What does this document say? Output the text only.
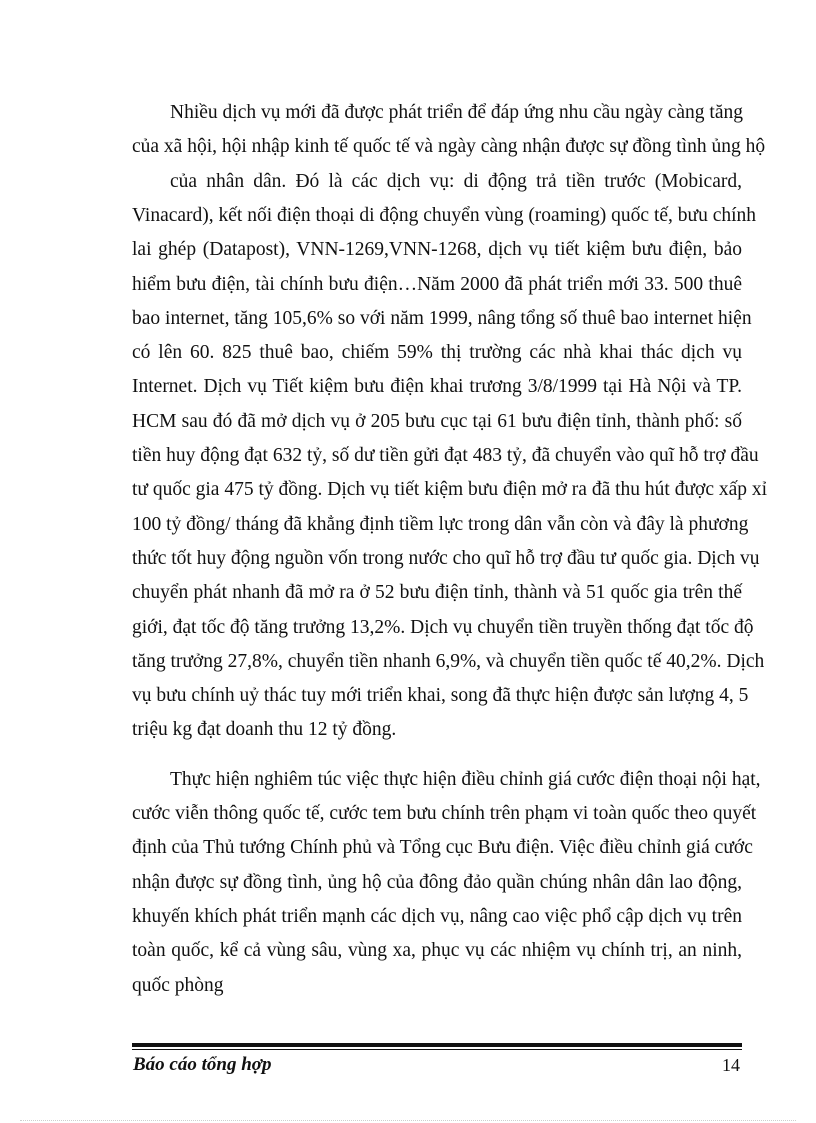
Nhiều dịch vụ mới đã được phát triển để đáp ứng nhu cầu ngày càng tăng
của xã hội, hội nhập kinh tế quốc tế và ngày càng nhận được sự đồng tình ủng hộ
của nhân dân. Đó là các dịch vụ: di động trả tiền trước (Mobicard,
Vinacard), kết nối điện thoại di động chuyển vùng (roaming) quốc tế, bưu chính
lai ghép (Datapost), VNN-1269,VNN-1268, dịch vụ tiết kiệm bưu điện, bảo
hiểm bưu điện, tài chính bưu điện…Năm 2000 đã phát triển mới 33. 500 thuê
bao internet, tăng 105,6% so với năm 1999, nâng tổng số thuê bao internet hiện
có lên 60. 825 thuê bao, chiếm 59% thị trường các nhà khai thác dịch vụ
Internet. Dịch vụ Tiết kiệm bưu điện khai trương 3/8/1999 tại Hà Nội và TP.
HCM sau đó đã mở dịch vụ ở 205 bưu cục tại 61 bưu điện tỉnh, thành phố: số
tiền huy động đạt 632 tỷ, số dư tiền gửi đạt 483 tỷ, đã chuyển vào quĩ hỗ trợ đầu
tư quốc gia 475 tỷ đồng. Dịch vụ tiết kiệm bưu điện mở ra đã thu hút được xấp xỉ
100 tỷ đồng/ tháng đã khẳng định tiềm lực trong dân vẫn còn và đây là phương
thức tốt huy động nguồn vốn trong nước cho quĩ hỗ trợ đầu tư quốc gia. Dịch vụ
chuyển phát nhanh đã mở ra ở 52 bưu điện tỉnh, thành và 51 quốc gia trên thế
giới, đạt tốc độ tăng trưởng 13,2%. Dịch vụ chuyển tiền truyền thống đạt tốc độ
tăng trưởng 27,8%, chuyển tiền nhanh 6,9%, và chuyển tiền quốc tế 40,2%. Dịch
vụ bưu chính uỷ thác tuy mới triển khai, song đã thực hiện được sản lượng 4, 5
triệu kg đạt doanh thu 12 tỷ đồng.
Thực hiện nghiêm túc việc thực hiện điều chỉnh giá cước điện thoại nội hạt,
cước viễn thông quốc tế, cước tem bưu chính trên phạm vi toàn quốc theo quyết
định của Thủ tướng Chính phủ và Tổng cục Bưu điện. Việc điều chỉnh giá cước
nhận được sự đồng tình, ủng hộ của đông đảo quần chúng nhân dân lao động,
khuyến khích phát triển mạnh các dịch vụ, nâng cao việc phổ cập dịch vụ trên
toàn quốc, kể cả vùng sâu, vùng xa, phục vụ các nhiệm vụ chính trị, an ninh,
quốc phòng
Báo cáo tổng hợp	14
